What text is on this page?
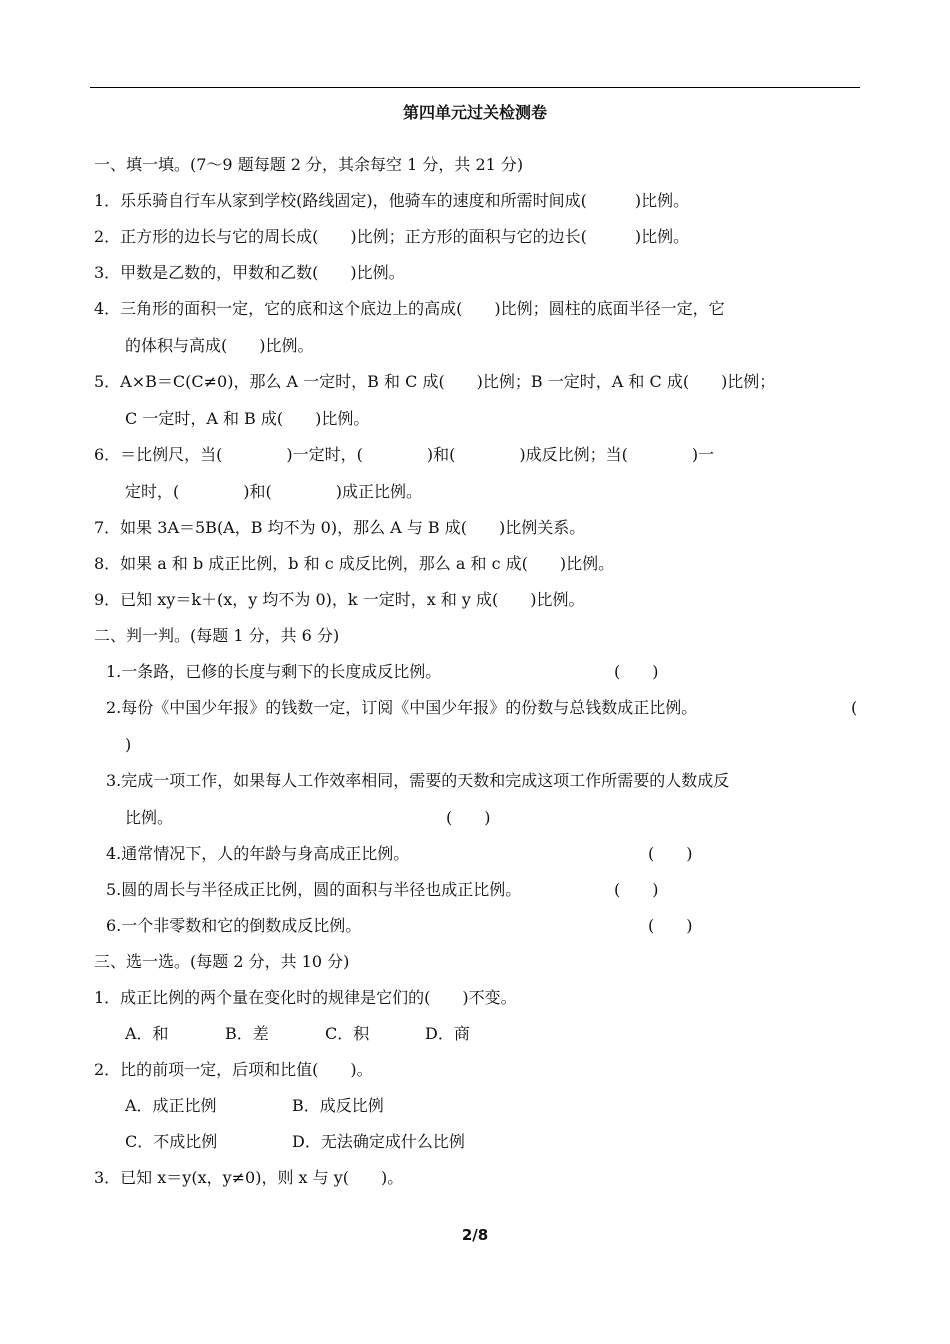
第四单元过关检测卷
一、填一填。(7～9 题每题 2 分，其余每空 1 分，共 21 分)
1．乐乐骑自行车从家到学校(路线固定)，他骑车的速度和所需时间成(　　　)比例。
2．正方形的边长与它的周长成(　　)比例；正方形的面积与它的边长(　　　)比例。
3．甲数是乙数的，甲数和乙数(　　)比例。
4．三角形的面积一定，它的底和这个底边上的高成(　　)比例；圆柱的底面半径一定，它
的体积与高成(　　)比例。
5．A×B＝C(C≠0)，那么 A 一定时，B 和 C 成(　　)比例；B 一定时，A 和 C 成(　　)比例；
C 一定时，A 和 B 成(　　)比例。
6．＝比例尺，当(　　　　)一定时，(　　　　)和(　　　　)成反比例；当(　　　　)一
定时，(　　　　)和(　　　　)成正比例。
7．如果 3A＝5B(A，B 均不为 0)，那么 A 与 B 成(　　)比例关系。
8．如果 a 和 b 成正比例，b 和 c 成反比例，那么 a 和 c 成(　　)比例。
9．已知 xy＝k＋(x，y 均不为 0)，k 一定时，x 和 y 成(　　)比例。
二、判一判。(每题 1 分，共 6 分)
1.一条路，已修的长度与剩下的长度成反比例。	(　　)
2.每份《中国少年报》的钱数一定，订阅《中国少年报》的份数与总钱数成正比例。	(
)
3.完成一项工作，如果每人工作效率相同，需要的天数和完成这项工作所需要的人数成反
比例。	(　　)
4.通常情况下，人的年龄与身高成正比例。	(　　)
5.圆的周长与半径成正比例，圆的面积与半径也成正比例。	(　　)
6.一个非零数和它的倒数成反比例。	(　　)
三、选一选。(每题 2 分，共 10 分)
1．成正比例的两个量在变化时的规律是它们的(　　)不变。
A．和	B．差	C．积	D．商
2．比的前项一定，后项和比值(　　)。
A．成正比例	B．成反比例
C．不成比例	D．无法确定成什么比例
3．已知 x＝y(x，y≠0)，则 x 与 y(　　)。
2/8
